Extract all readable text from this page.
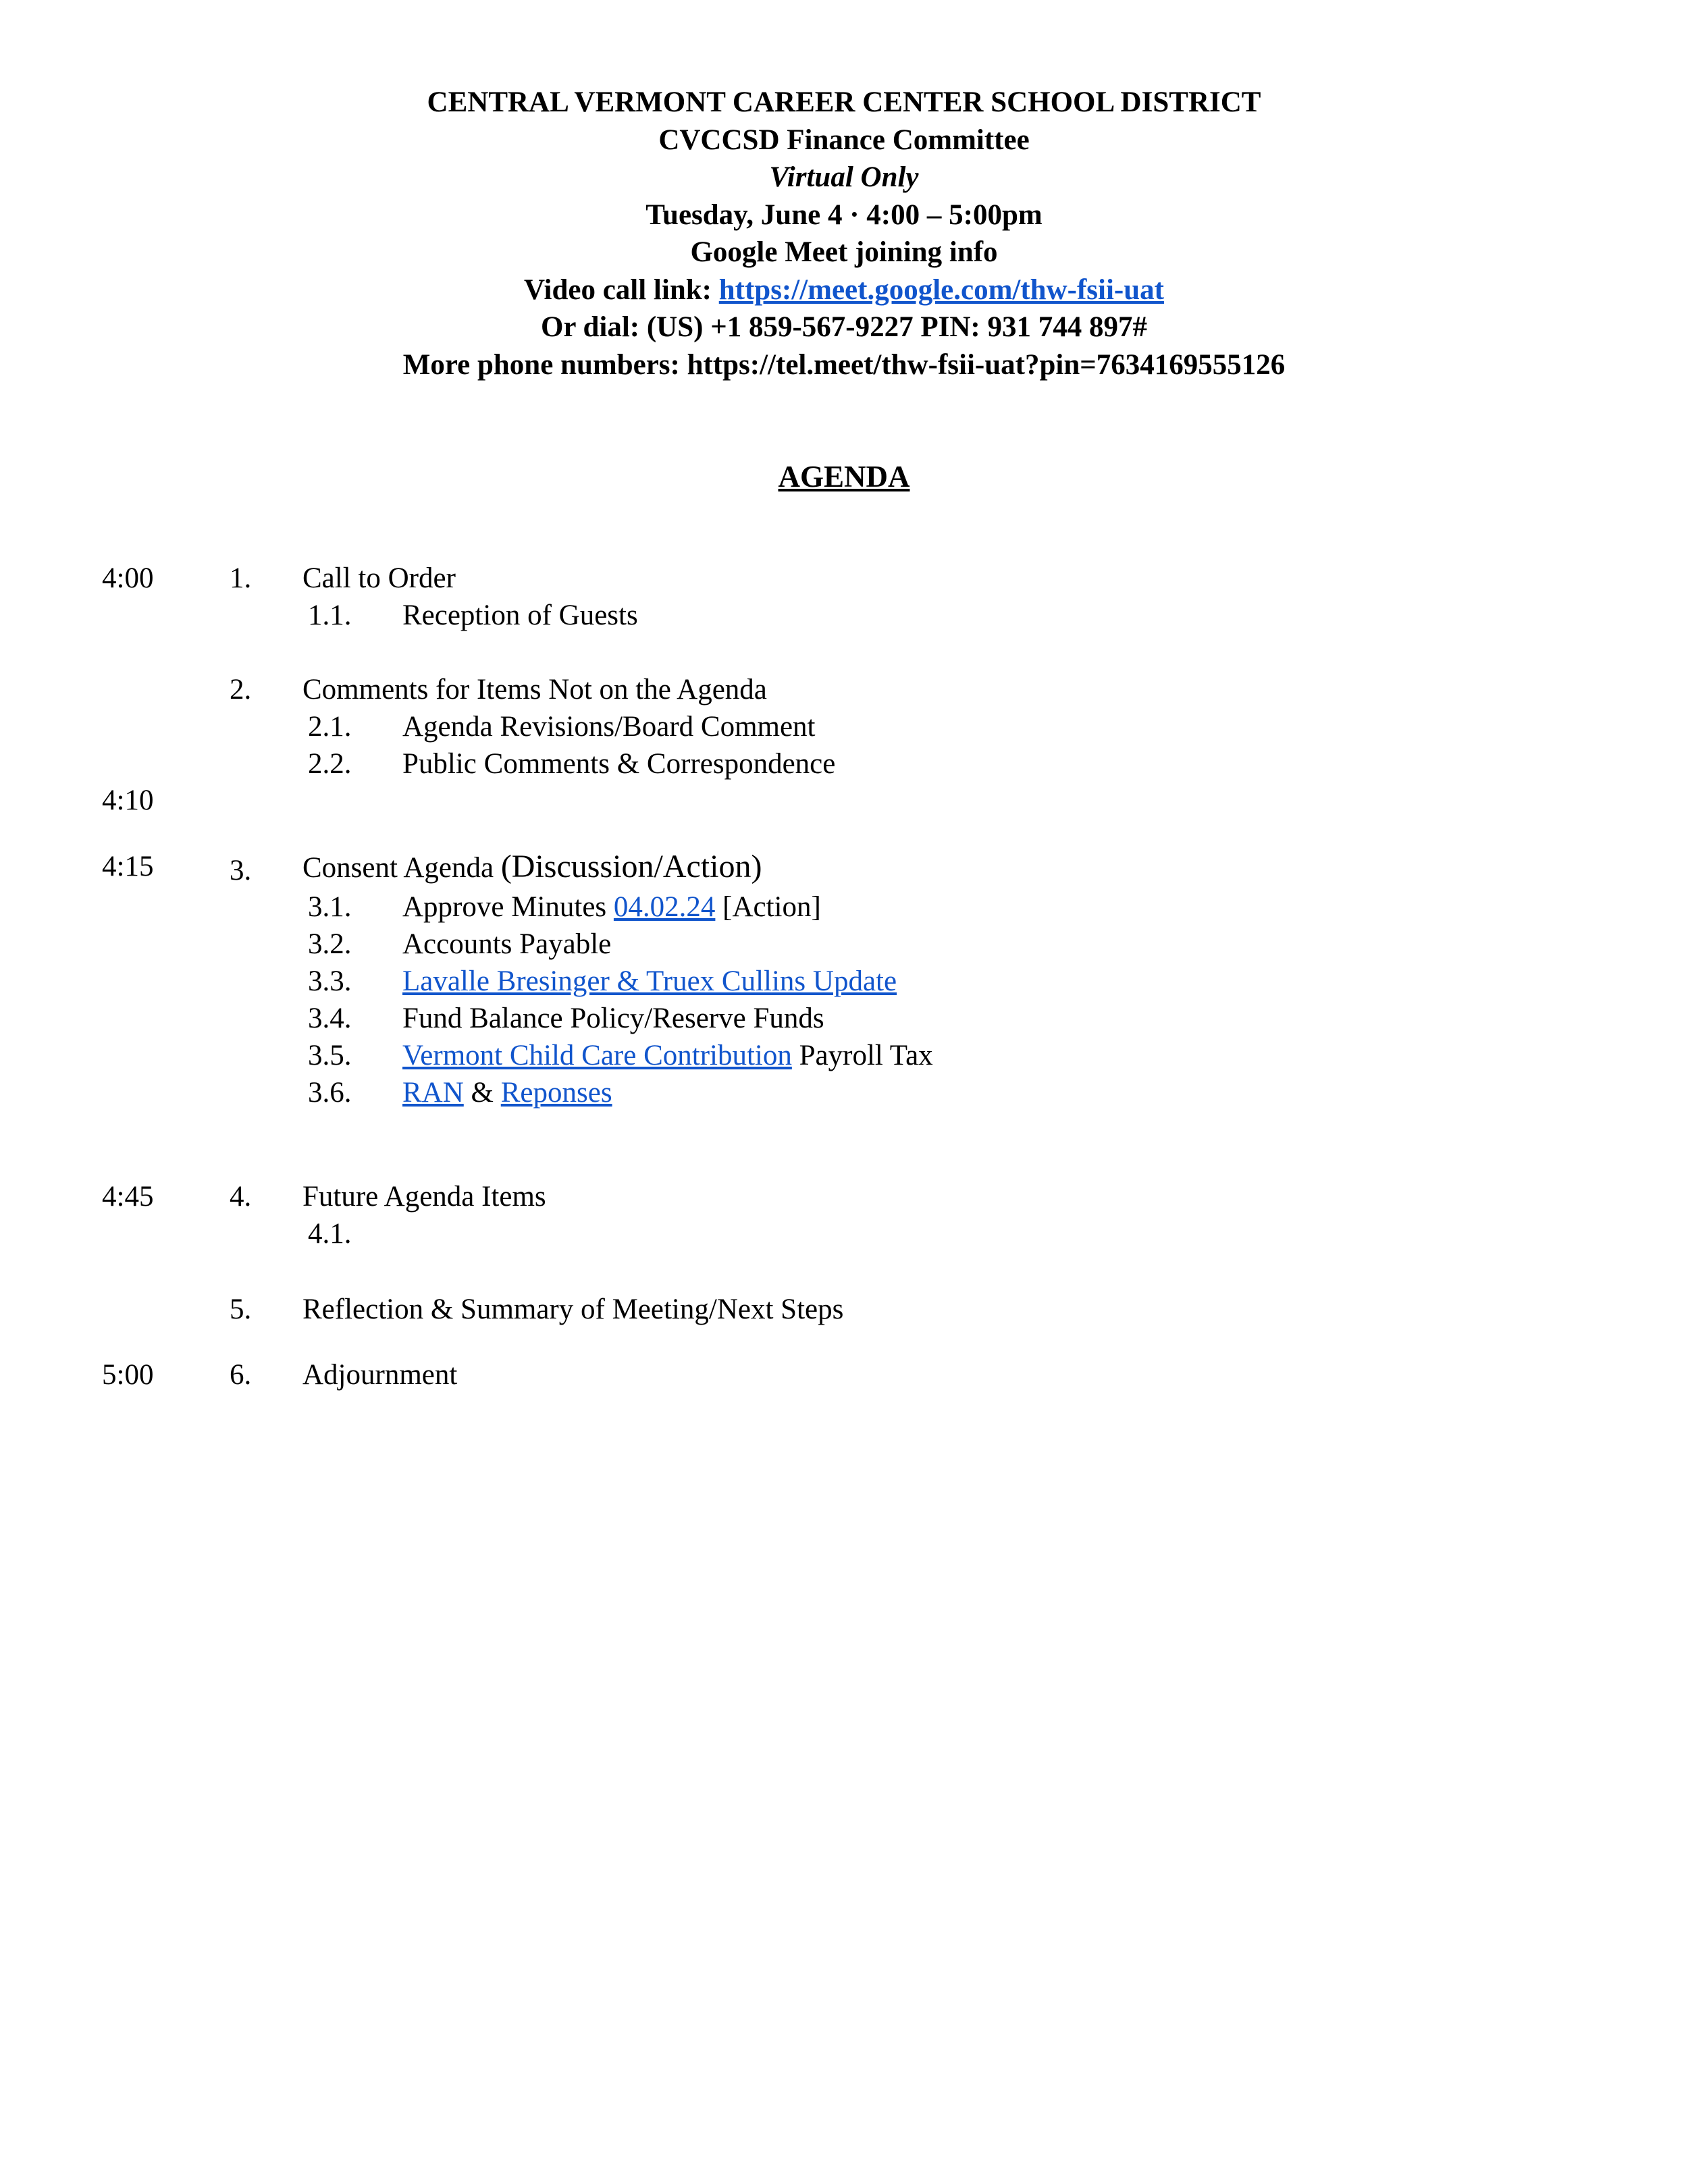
CENTRAL VERMONT CAREER CENTER SCHOOL DISTRICT
CVCCSD Finance Committee
Virtual Only
Tuesday, June 4 · 4:00 – 5:00pm
Google Meet joining info
Video call link: https://meet.google.com/thw-fsii-uat
Or dial: (US) +1 859-567-9227 PIN: 931 744 897#
More phone numbers: https://tel.meet/thw-fsii-uat?pin=7634169555126
AGENDA
4:00	1. Call to Order
1.1. Reception of Guests
2. Comments for Items Not on the Agenda
2.1. Agenda Revisions/Board Comment
2.2. Public Comments & Correspondence
4:10
4:15	3. Consent Agenda (Discussion/Action)
3.1. Approve Minutes 04.02.24 [Action]
3.2. Accounts Payable
3.3. Lavalle Bresinger & Truex Cullins Update
3.4. Fund Balance Policy/Reserve Funds
3.5. Vermont Child Care Contribution Payroll Tax
3.6. RAN & Reponses
4:45	4. Future Agenda Items
4.1.
5. Reflection & Summary of Meeting/Next Steps
5:00	6. Adjournment
